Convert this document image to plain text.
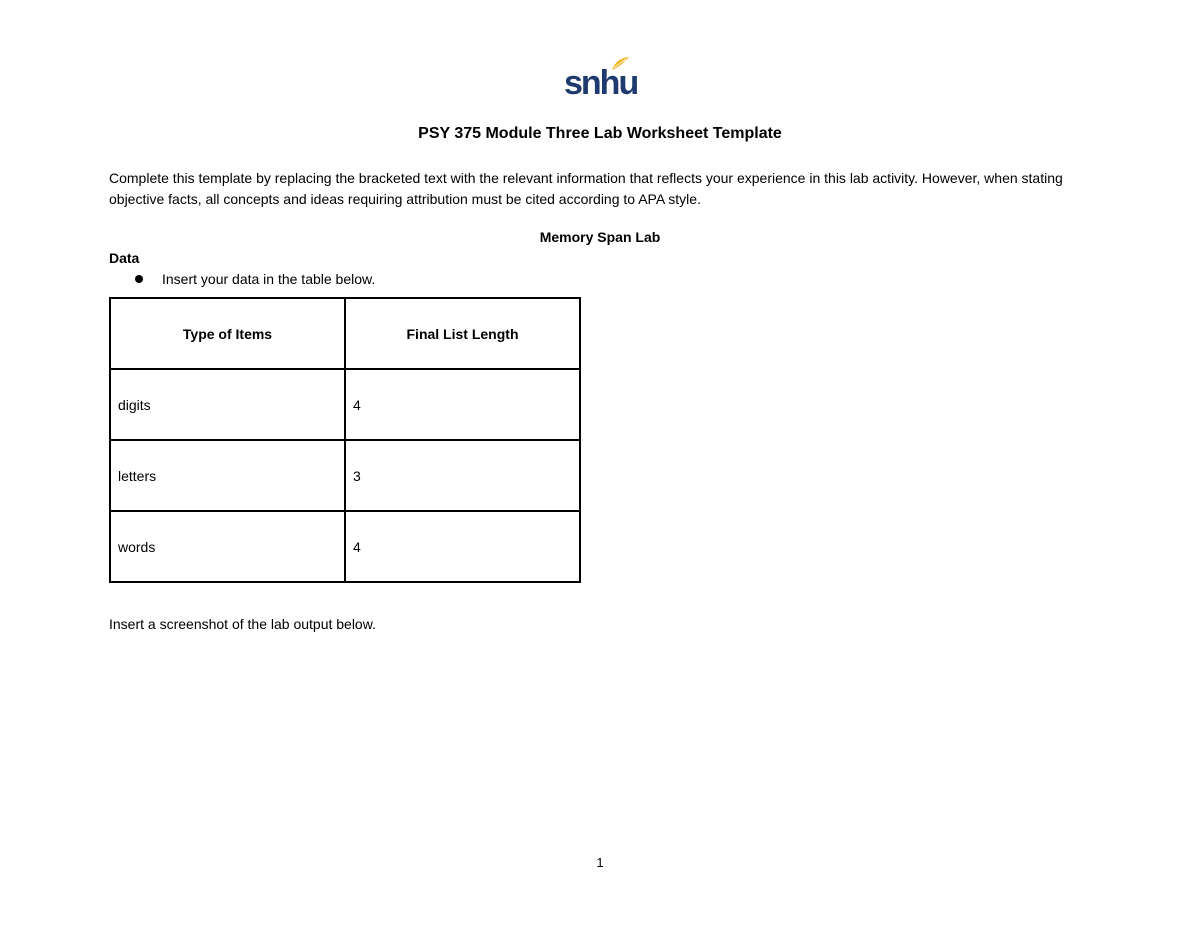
snhu
PSY 375 Module Three Lab Worksheet Template
Complete this template by replacing the bracketed text with the relevant information that reflects your experience in this lab activity. However, when stating objective facts, all concepts and ideas requiring attribution must be cited according to APA style.
Memory Span Lab
Data
Insert your data in the table below.
Type of Items	Final List Length
digits	4
letters	3
words	4
Insert a screenshot of the lab output below.
1
